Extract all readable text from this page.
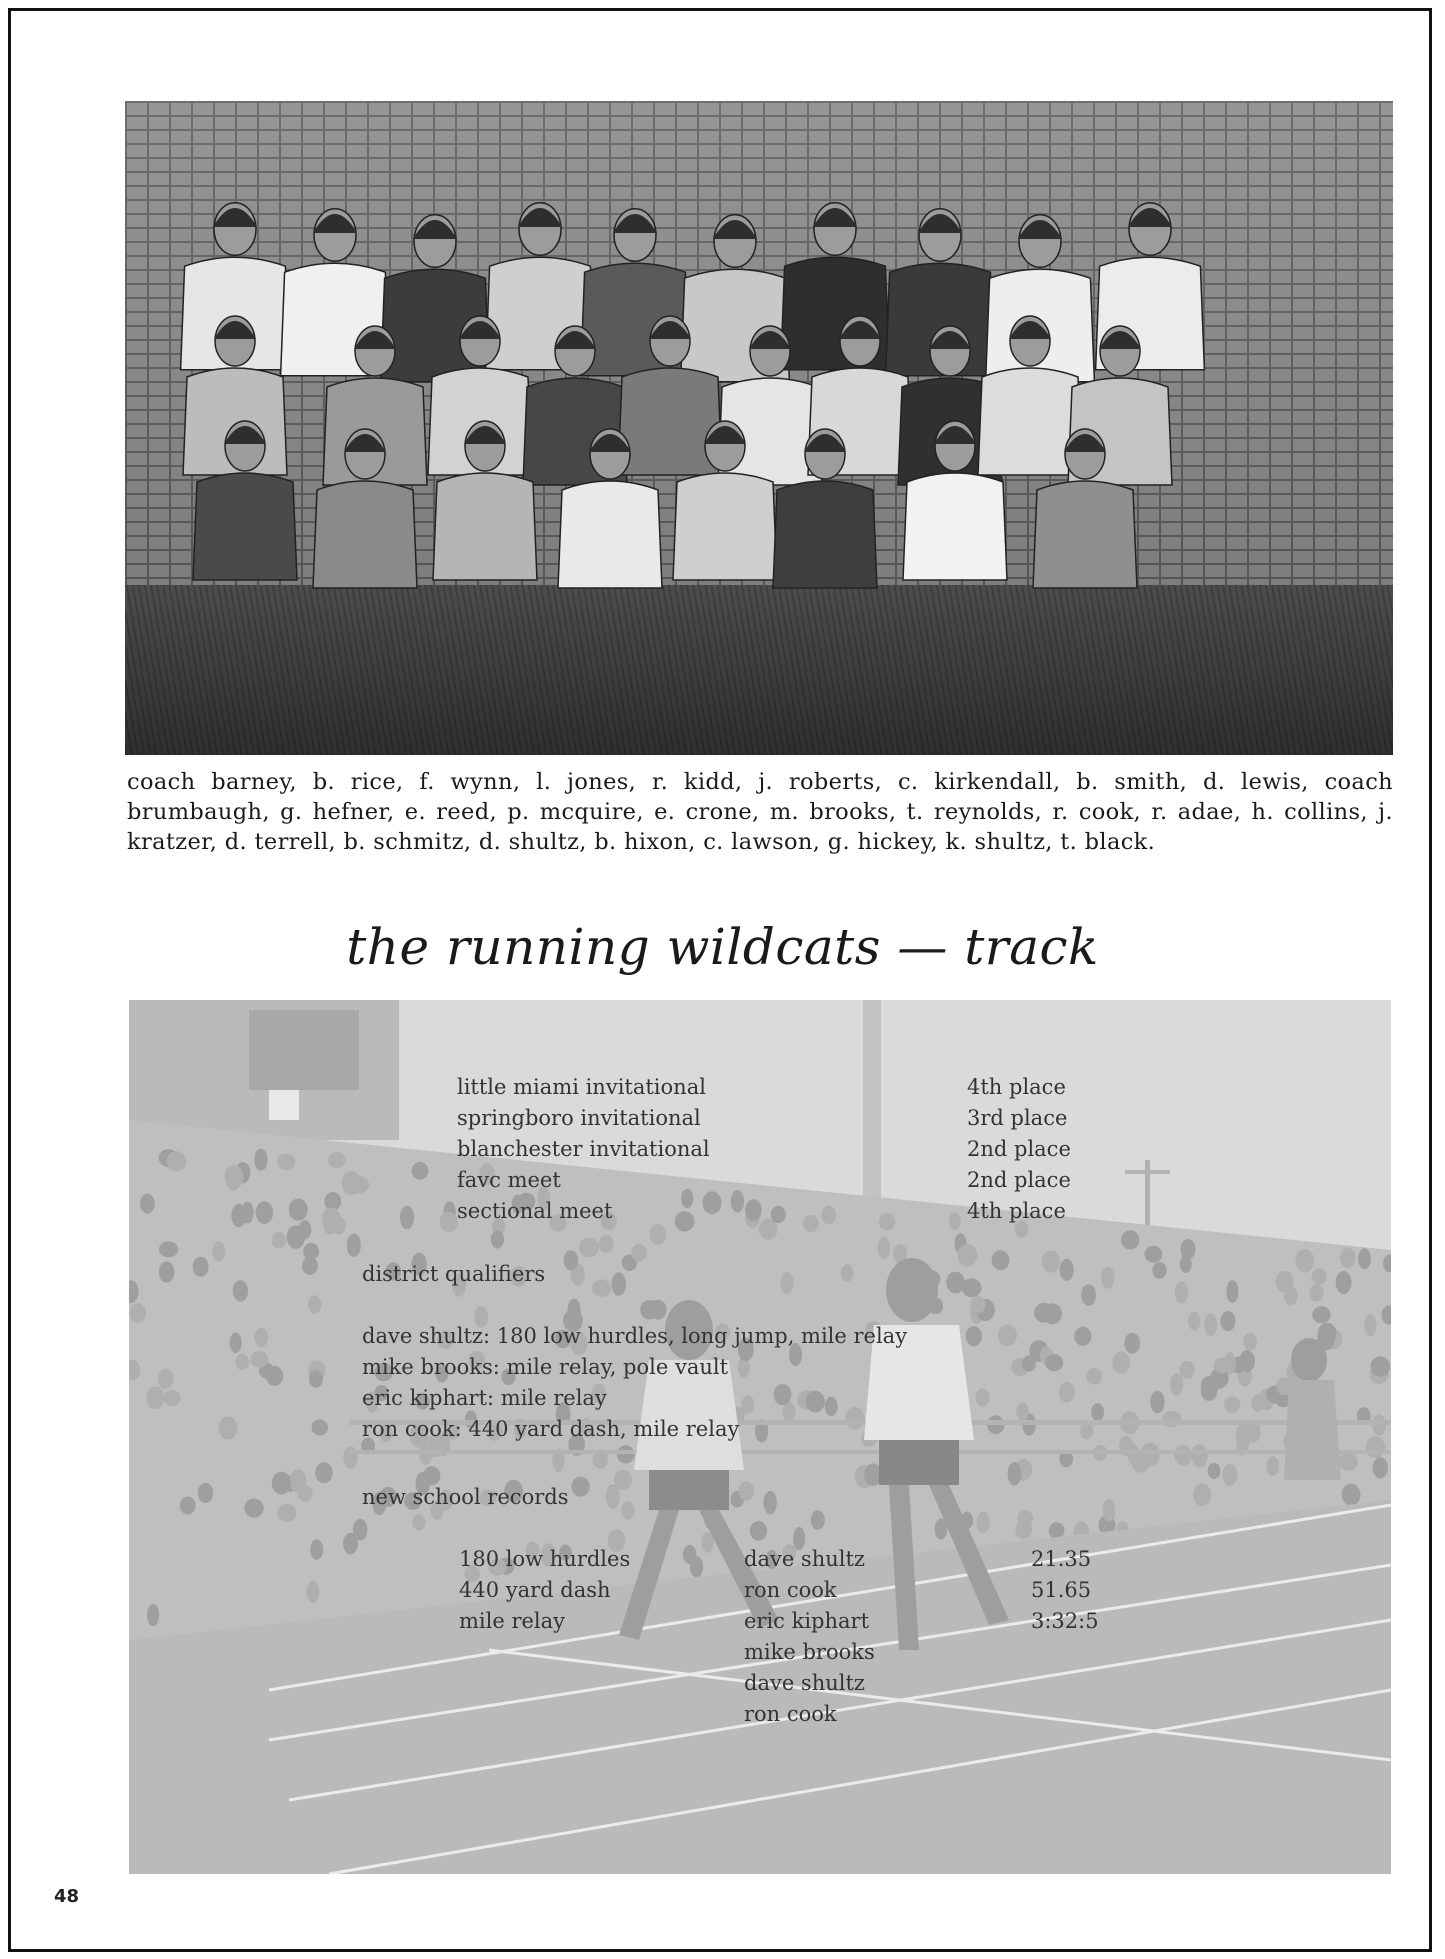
coach barney, b. rice, f. wynn, l. jones, r. kidd, j. roberts, c. kirkendall, b. smith, d. lewis, coach brumbaugh, g. hefner, e. reed, p. mcquire, e. crone, m. brooks, t. reynolds, r. cook, r. adae, h. collins, j. kratzer, d. terrell, b. schmitz, d. shultz, b. hixon, c. lawson, g. hickey, k. shultz, t. black.

the running wildcats — track
little miami invitational
springboro invitational
blanchester invitational
favc meet
sectional meet
4th place
3rd place
2nd place
2nd place
4th place
district qualifiers
dave shultz: 180 low hurdles, long jump, mile relay
mike brooks: mile relay, pole vault
eric kiphart: mile relay
ron cook: 440 yard dash, mile relay
new school records
180 low hurdles
440 yard dash
mile relay
dave shultz
ron cook
eric kiphart
mike brooks
dave shultz
ron cook
21.35
51.65
3:32:5
48
